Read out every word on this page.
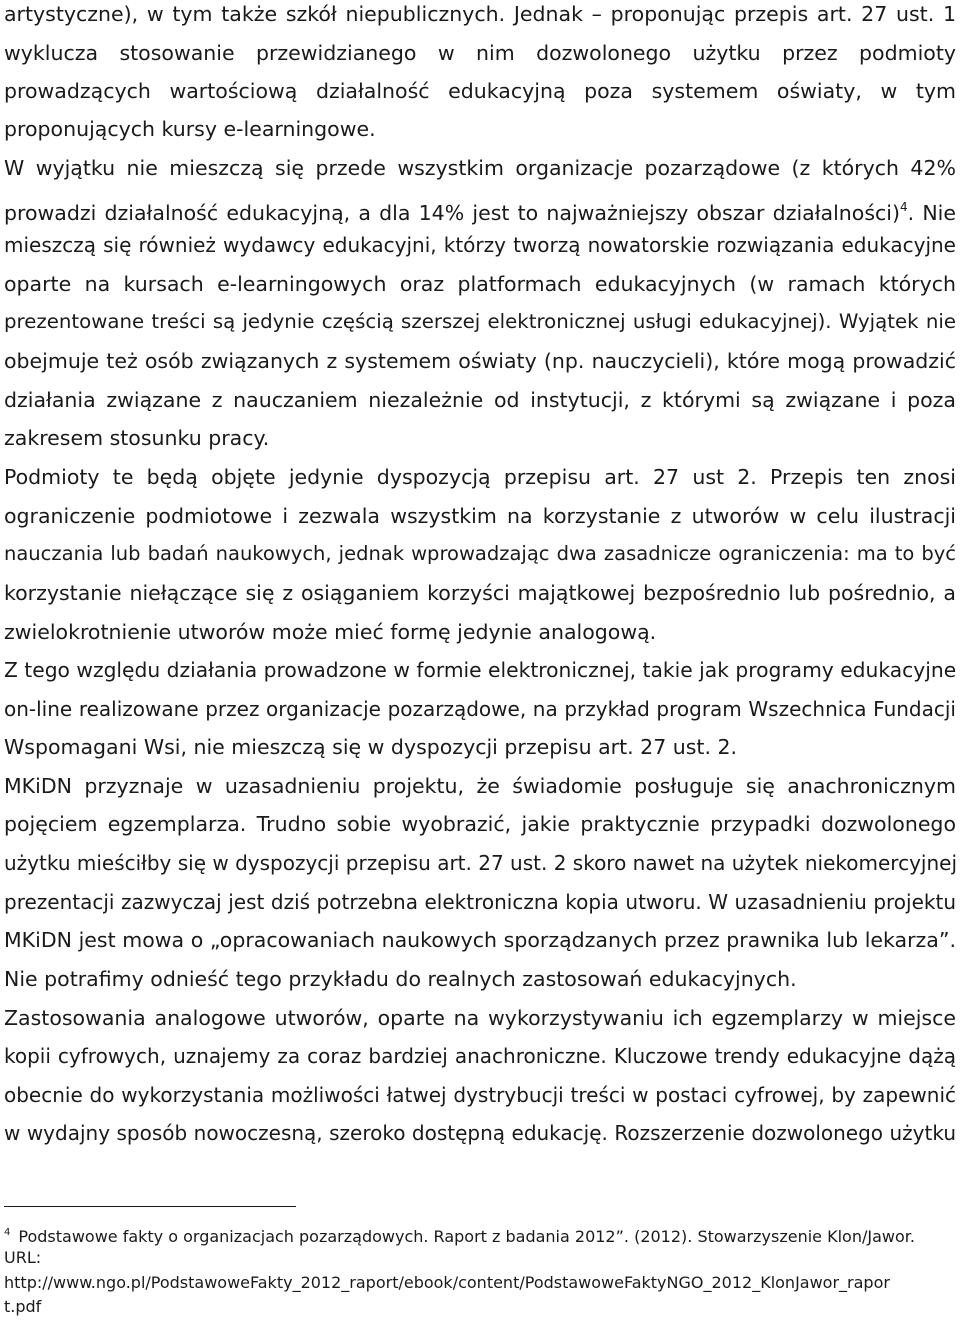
artystyczne), w tym także szkół niepublicznych. Jednak – proponując przepis art. 27 ust. 1
wyklucza stosowanie przewidzianego w nim dozwolonego użytku przez podmioty
prowadzących wartościową działalność edukacyjną poza systemem oświaty, w tym
proponujących kursy e-learningowe.
W wyjątku nie mieszczą się przede wszystkim organizacje pozarządowe (z których 42%
prowadzi działalność edukacyjną, a dla 14% jest to najważniejszy obszar działalności)$^4$. Nie
mieszczą się również wydawcy edukacyjni, którzy tworzą nowatorskie rozwiązania edukacyjne
oparte na kursach e-learningowych oraz platformach edukacyjnych (w ramach których
prezentowane treści są jedynie częścią szerszej elektronicznej usługi edukacyjnej). Wyjątek nie
obejmuje też osób związanych z systemem oświaty (np. nauczycieli), które mogą prowadzić
działania związane z nauczaniem niezależnie od instytucji, z którymi są związane i poza
zakresem stosunku pracy.
Podmioty te będą objęte jedynie dyspozycją przepisu art. 27 ust 2. Przepis ten znosi
ograniczenie podmiotowe i zezwala wszystkim na korzystanie z utworów w celu ilustracji
nauczania lub badań naukowych, jednak wprowadzając dwa zasadnicze ograniczenia: ma to być
korzystanie niełączące się z osiąganiem korzyści majątkowej bezpośrednio lub pośrednio, a
zwielokrotnienie utworów może mieć formę jedynie analogową.
Z tego względu działania prowadzone w formie elektronicznej, takie jak programy edukacyjne
on-line realizowane przez organizacje pozarządowe, na przykład program Wszechnica Fundacji
Wspomagani Wsi, nie mieszczą się w dyspozycji przepisu art. 27 ust. 2.
MKiDN przyznaje w uzasadnieniu projektu, że świadomie posługuje się anachronicznym
pojęciem egzemplarza. Trudno sobie wyobrazić, jakie praktycznie przypadki dozwolonego
użytku mieściłby się w dyspozycji przepisu art. 27 ust. 2 skoro nawet na użytek niekomercyjnej
prezentacji zazwyczaj jest dziś potrzebna elektroniczna kopia utworu. W uzasadnieniu projektu
MKiDN jest mowa o „opracowaniach naukowych sporządzanych przez prawnika lub lekarza”.
Nie potrafimy odnieść tego przykładu do realnych zastosowań edukacyjnych.
Zastosowania analogowe utworów, oparte na wykorzystywaniu ich egzemplarzy w miejsce
kopii cyfrowych, uznajemy za coraz bardziej anachroniczne. Kluczowe trendy edukacyjne dążą
obecnie do wykorzystania możliwości łatwej dystrybucji treści w postaci cyfrowej, by zapewnić
w wydajny sposób nowoczesną, szeroko dostępną edukację. Rozszerzenie dozwolonego użytku
$^4$ Podstawowe fakty o organizacjach pozarządowych. Raport z badania 2012”. (2012). Stowarzyszenie Klon/Jawor.
URL:
http://www.ngo.pl/PodstawoweFakty_2012_raport/ebook/content/PodstawoweFaktyNGO_2012_KlonJawor_rapor
t.pdf
